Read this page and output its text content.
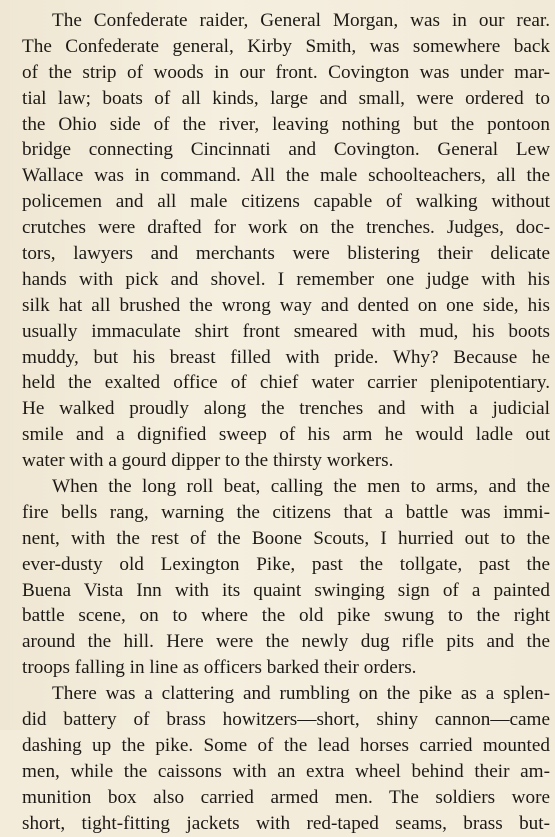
The Confederate raider, General Morgan, was in our rear.
The Confederate general, Kirby Smith, was somewhere back
of the strip of woods in our front. Covington was under mar-
tial law; boats of all kinds, large and small, were ordered to
the Ohio side of the river, leaving nothing but the pontoon
bridge connecting Cincinnati and Covington. General Lew
Wallace was in command. All the male schoolteachers, all the
policemen and all male citizens capable of walking without
crutches were drafted for work on the trenches. Judges, doc-
tors, lawyers and merchants were blistering their delicate
hands with pick and shovel. I remember one judge with his
silk hat all brushed the wrong way and dented on one side, his
usually immaculate shirt front smeared with mud, his boots
muddy, but his breast filled with pride. Why? Because he
held the exalted office of chief water carrier plenipotentiary.
He walked proudly along the trenches and with a judicial
smile and a dignified sweep of his arm he would ladle out
water with a gourd dipper to the thirsty workers.
When the long roll beat, calling the men to arms, and the
fire bells rang, warning the citizens that a battle was immi-
nent, with the rest of the Boone Scouts, I hurried out to the
ever-dusty old Lexington Pike, past the tollgate, past the
Buena Vista Inn with its quaint swinging sign of a painted
battle scene, on to where the old pike swung to the right
around the hill. Here were the newly dug rifle pits and the
troops falling in line as officers barked their orders.
There was a clattering and rumbling on the pike as a splen-
did battery of brass howitzers—short, shiny cannon—came
dashing up the pike. Some of the lead horses carried mounted
men, while the caissons with an extra wheel behind their am-
munition box also carried armed men. The soldiers wore
short, tight-fitting jackets with red-taped seams, brass but-
